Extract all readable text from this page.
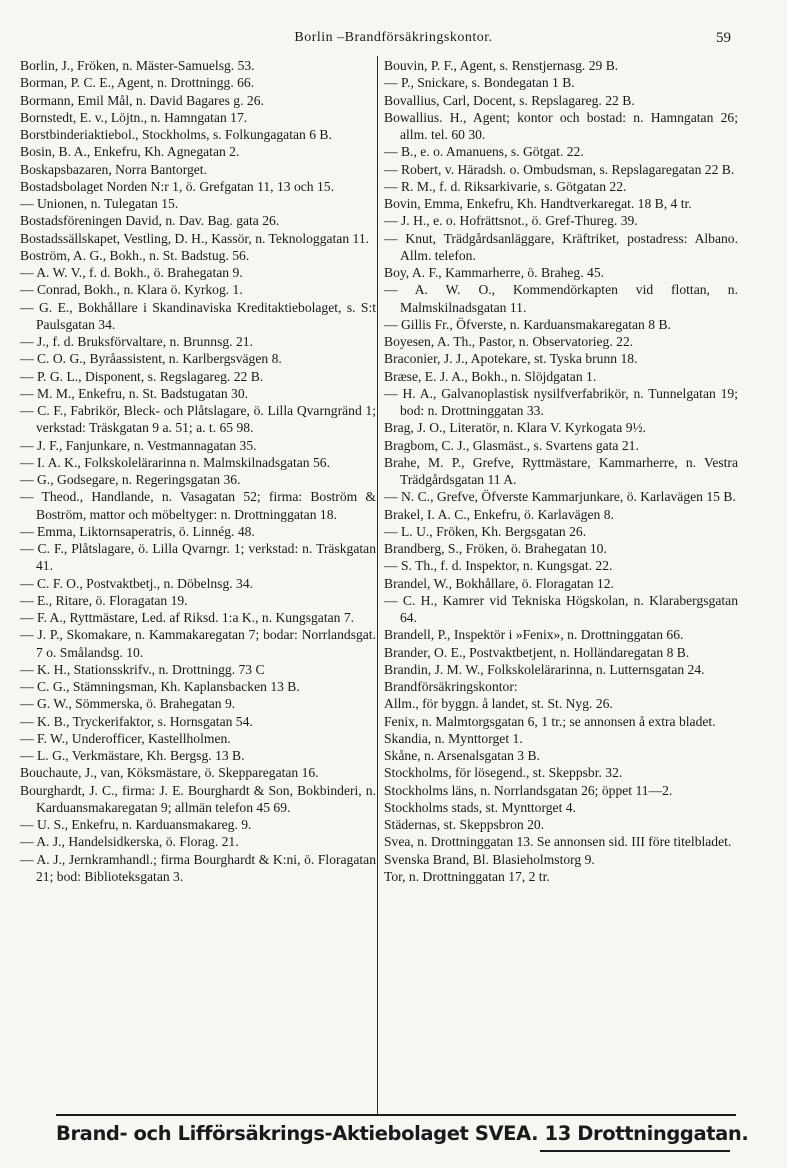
Borlin –Brandförsäkringskontor.	59
Borlin, J., Fröken, n. Mäster-Samuelsg. 53.
Borman, P. C. E., Agent, n. Drottningg. 66.
Bormann, Emil Mål, n. David Bagares g. 26.
Bornstedt, E. v., Löjtn., n. Hamngatan 17.
Borstbinderiaktiebol., Stockholms, s. Folkungagatan 6 B.
Bosin, B. A., Enkefru, Kh. Agnegatan 2.
Boskapsbazaren, Norra Bantorget.
Bostadsbolaget Norden N:r 1, ö. Grefgatan 11, 13 och 15.
— Unionen, n. Tulegatan 15.
Bostadsföreningen David, n. Dav. Bag. gata 26.
Bostadssällskapet, Vestling, D. H., Kassör, n. Teknologgatan 11.
Boström, A. G., Bokh., n. St. Badstug. 56.
— A. W. V., f. d. Bokh., ö. Brahegatan 9.
— Conrad, Bokh., n. Klara ö. Kyrkog. 1.
— G. E., Bokhållare i Skandinaviska Kreditaktiebolaget, s. S:t Paulsgatan 34.
— J., f. d. Bruksförvaltare, n. Brunnsg. 21.
— C. O. G., Byråassistent, n. Karlbergsvägen 8.
— P. G. L., Disponent, s. Regslagareg. 22 B.
— M. M., Enkefru, n. St. Badstugatan 30.
— C. F., Fabrikör, Bleck- och Plåtslagare, ö. Lilla Qvarngränd 1; verkstad: Träskgatan 9 a. 51; a. t. 65 98.
— J. F., Fanjunkare, n. Vestmannagatan 35.
— I. A. K., Folkskolelärarinna n. Malmskilnadsgatan 56.
— G., Godsegare, n. Regeringsgatan 36.
— Theod., Handlande, n. Vasagatan 52; firma: Boström & Boström, mattor och möbeltyger: n. Drottninggatan 18.
— Emma, Liktornsaperatris, ö. Linnég. 48.
— C. F., Plåtslagare, ö. Lilla Qvarngr. 1; verkstad: n. Träskgatan 41.
— C. F. O., Postvaktbetj., n. Döbelnsg. 34.
— E., Ritare, ö. Floragatan 19.
— F. A., Ryttmästare, Led. af Riksd. 1:a K., n. Kungsgatan 7.
— J. P., Skomakare, n. Kammakaregatan 7; bodar: Norrlandsgat. 7 o. Smålandsg. 10.
— K. H., Stationsskrifv., n. Drottningg. 73 C
— C. G., Stämningsman, Kh. Kaplansbacken 13 B.
— G. W., Sömmerska, ö. Brahegatan 9.
— K. B., Tryckerifaktor, s. Hornsgatan 54.
— F. W., Underofficer, Kastellholmen.
— L. G., Verkmästare, Kh. Bergsg. 13 B.
Bouchaute, J., van, Köksmästare, ö. Skepparegatan 16.
Bourghardt, J. C., firma: J. E. Bourghardt & Son, Bokbinderi, n. Karduansmakaregatan 9; allmän telefon 45 69.
— U. S., Enkefru, n. Karduansmakareg. 9.
— A. J., Handelsidkerska, ö. Florag. 21.
— A. J., Jernkramhandl.; firma Bourghardt & K:ni, ö. Floragatan 21; bod: Biblioteksgatan 3.
Bouvin, P. F., Agent, s. Renstjernasg. 29 B.
— P., Snickare, s. Bondegatan 1 B.
Bovallius, Carl, Docent, s. Repslagareg. 22 B.
Bowallius. H., Agent; kontor och bostad: n. Hamngatan 26; allm. tel. 60 30.
— B., e. o. Amanuens, s. Götgat. 22.
— Robert, v. Häradsh. o. Ombudsman, s. Repslagaregatan 22 B.
— R. M., f. d. Riksarkivarie, s. Götgatan 22.
Bovin, Emma, Enkefru, Kh. Handtverkaregat. 18 B, 4 tr.
— J. H., e. o. Hofrättsnot., ö. Gref-Thureg. 39.
— Knut, Trädgårdsanläggare, Kräftriket, postadress: Albano. Allm. telefon.
Boy, A. F., Kammarherre, ö. Braheg. 45.
— A. W. O., Kommendörkapten vid flottan, n. Malmskilnadsgatan 11.
— Gillis Fr., Öfverste, n. Karduansmakaregatan 8 B.
Boyesen, A. Th., Pastor, n. Observatorieg. 22.
Braconier, J. J., Apotekare, st. Tyska brunn 18.
Bræse, E. J. A., Bokh., n. Slöjdgatan 1.
— H. A., Galvanoplastisk nysilfverfabrikör, n. Tunnelgatan 19; bod: n. Drottninggatan 33.
Brag, J. O., Literatör, n. Klara V. Kyrkogata 9½.
Bragbom, C. J., Glasmäst., s. Svartens gata 21.
Brahe, M. P., Grefve, Ryttmästare, Kammarherre, n. Vestra Trädgårdsgatan 11 A.
— N. C., Grefve, Öfverste Kammarjunkare, ö. Karlavägen 15 B.
Brakel, I. A. C., Enkefru, ö. Karlavägen 8.
— L. U., Fröken, Kh. Bergsgatan 26.
Brandberg, S., Fröken, ö. Brahegatan 10.
— S. Th., f. d. Inspektor, n. Kungsgat. 22.
Brandel, W., Bokhållare, ö. Floragatan 12.
— C. H., Kamrer vid Tekniska Högskolan, n. Klarabergsgatan 64.
Brandell, P., Inspektör i »Fenix», n. Drottninggatan 66.
Brander, O. E., Postvaktbetjent, n. Holländaregatan 8 B.
Brandin, J. M. W., Folkskolelärarinna, n. Lutternsgatan 24.
Brandförsäkringskontor:
Allm., för byggn. å landet, st. St. Nyg. 26.
Fenix, n. Malmtorgsgatan 6, 1 tr.; se annonsen å extra bladet.
Skandia, n. Mynttorget 1.
Skåne, n. Arsenalsgatan 3 B.
Stockholms, för lösegend., st. Skeppsbr. 32.
Stockholms läns, n. Norrlandsgatan 26; öppet 11—2.
Stockholms stads, st. Mynttorget 4.
Städernas, st. Skeppsbron 20.
Svea, n. Drottninggatan 13. Se annonsen sid. III före titelbladet.
Svenska Brand, Bl. Blasieholmstorg 9.
Tor, n. Drottninggatan 17, 2 tr.
Brand- och Lifförsäkrings-Aktiebolaget SVEA. 13 Drottninggatan.
